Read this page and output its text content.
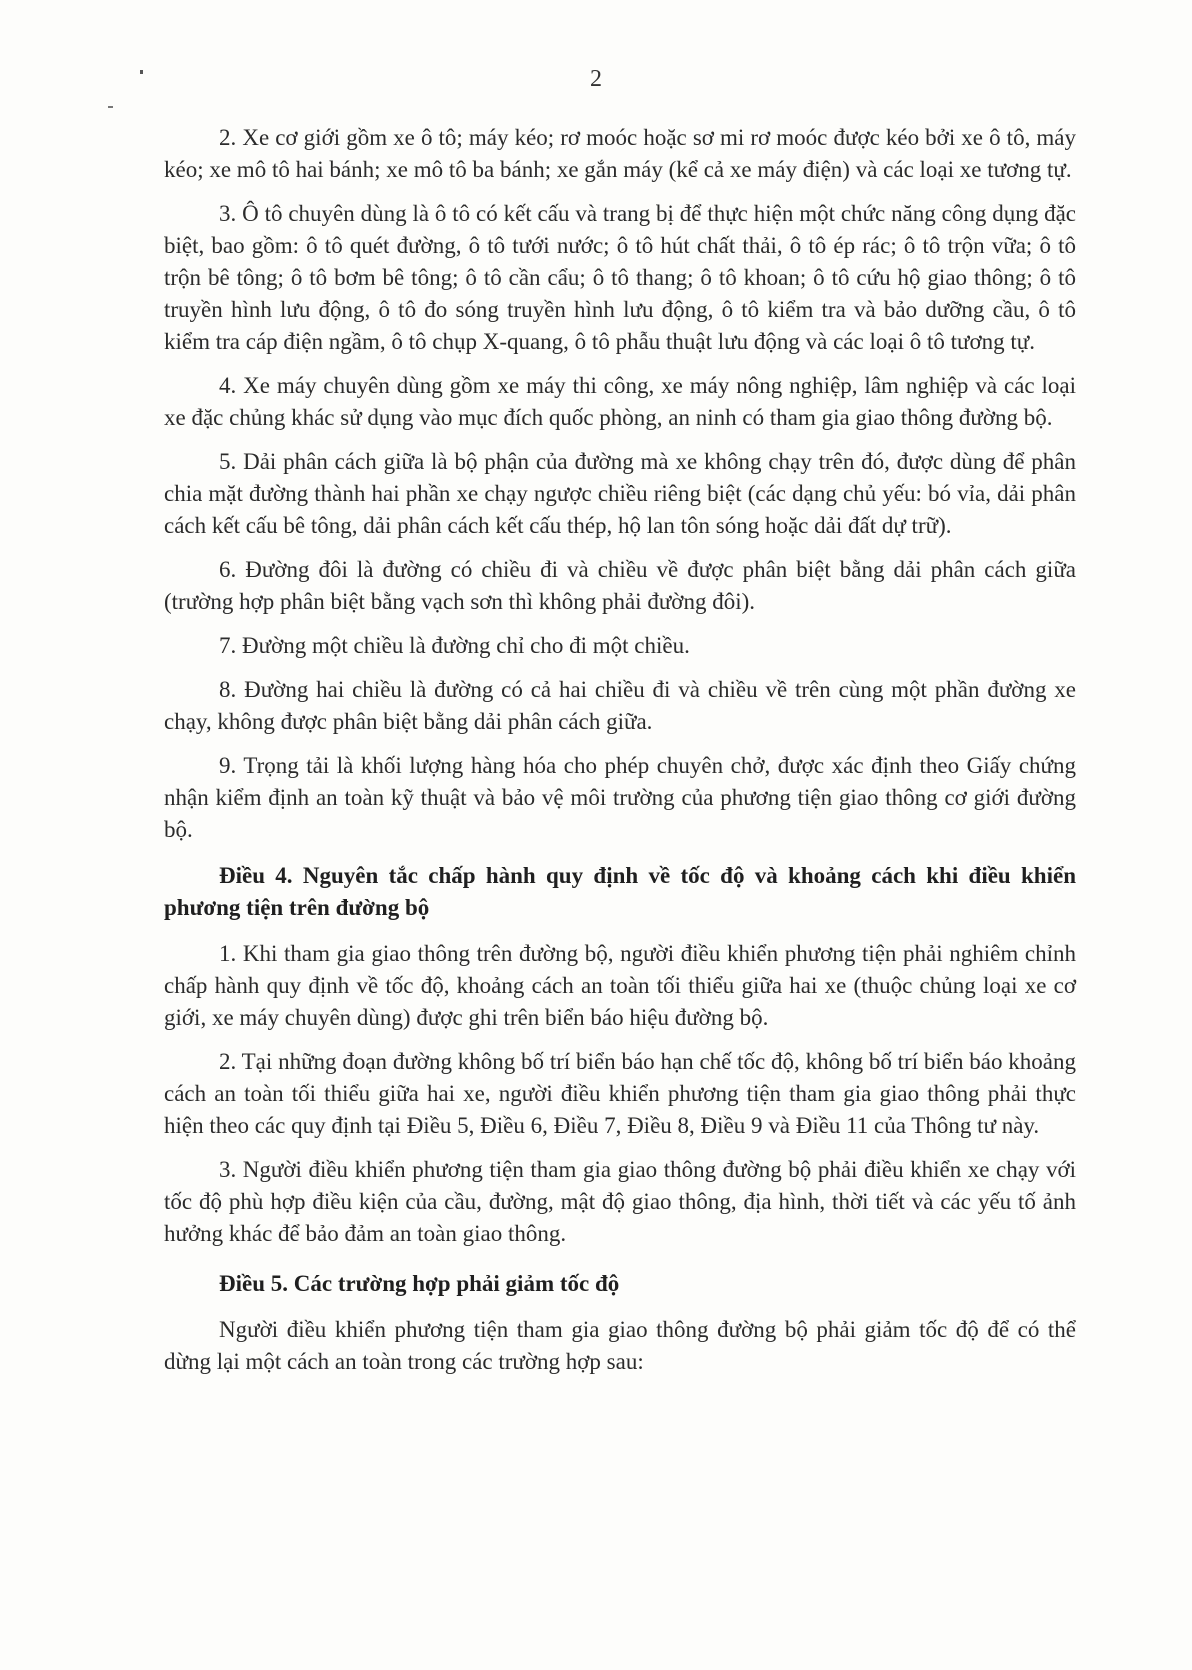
2

2. Xe cơ giới gồm xe ô tô; máy kéo; rơ moóc hoặc sơ mi rơ moóc được kéo bởi xe ô tô, máy kéo; xe mô tô hai bánh; xe mô tô ba bánh; xe gắn máy (kể cả xe máy điện) và các loại xe tương tự.

3. Ô tô chuyên dùng là ô tô có kết cấu và trang bị để thực hiện một chức năng công dụng đặc biệt, bao gồm: ô tô quét đường, ô tô tưới nước; ô tô hút chất thải, ô tô ép rác; ô tô trộn vữa; ô tô trộn bê tông; ô tô bơm bê tông; ô tô cần cẩu; ô tô thang; ô tô khoan; ô tô cứu hộ giao thông; ô tô truyền hình lưu động, ô tô đo sóng truyền hình lưu động, ô tô kiểm tra và bảo dưỡng cầu, ô tô kiểm tra cáp điện ngầm, ô tô chụp X-quang, ô tô phẫu thuật lưu động và các loại ô tô tương tự.

4. Xe máy chuyên dùng gồm xe máy thi công, xe máy nông nghiệp, lâm nghiệp và các loại xe đặc chủng khác sử dụng vào mục đích quốc phòng, an ninh có tham gia giao thông đường bộ.

5. Dải phân cách giữa là bộ phận của đường mà xe không chạy trên đó, được dùng để phân chia mặt đường thành hai phần xe chạy ngược chiều riêng biệt (các dạng chủ yếu: bó vỉa, dải phân cách kết cấu bê tông, dải phân cách kết cấu thép, hộ lan tôn sóng hoặc dải đất dự trữ).

6. Đường đôi là đường có chiều đi và chiều về được phân biệt bằng dải phân cách giữa (trường hợp phân biệt bằng vạch sơn thì không phải đường đôi).

7. Đường một chiều là đường chỉ cho đi một chiều.

8. Đường hai chiều là đường có cả hai chiều đi và chiều về trên cùng một phần đường xe chạy, không được phân biệt bằng dải phân cách giữa.

9. Trọng tải là khối lượng hàng hóa cho phép chuyên chở, được xác định theo Giấy chứng nhận kiểm định an toàn kỹ thuật và bảo vệ môi trường của phương tiện giao thông cơ giới đường bộ.

Điều 4. Nguyên tắc chấp hành quy định về tốc độ và khoảng cách khi điều khiển phương tiện trên đường bộ

1. Khi tham gia giao thông trên đường bộ, người điều khiển phương tiện phải nghiêm chỉnh chấp hành quy định về tốc độ, khoảng cách an toàn tối thiểu giữa hai xe (thuộc chủng loại xe cơ giới, xe máy chuyên dùng) được ghi trên biển báo hiệu đường bộ.

2. Tại những đoạn đường không bố trí biển báo hạn chế tốc độ, không bố trí biển báo khoảng cách an toàn tối thiểu giữa hai xe, người điều khiển phương tiện tham gia giao thông phải thực hiện theo các quy định tại Điều 5, Điều 6, Điều 7, Điều 8, Điều 9 và Điều 11 của Thông tư này.

3. Người điều khiển phương tiện tham gia giao thông đường bộ phải điều khiển xe chạy với tốc độ phù hợp điều kiện của cầu, đường, mật độ giao thông, địa hình, thời tiết và các yếu tố ảnh hưởng khác để bảo đảm an toàn giao thông.

Điều 5. Các trường hợp phải giảm tốc độ

Người điều khiển phương tiện tham gia giao thông đường bộ phải giảm tốc độ để có thể dừng lại một cách an toàn trong các trường hợp sau:
